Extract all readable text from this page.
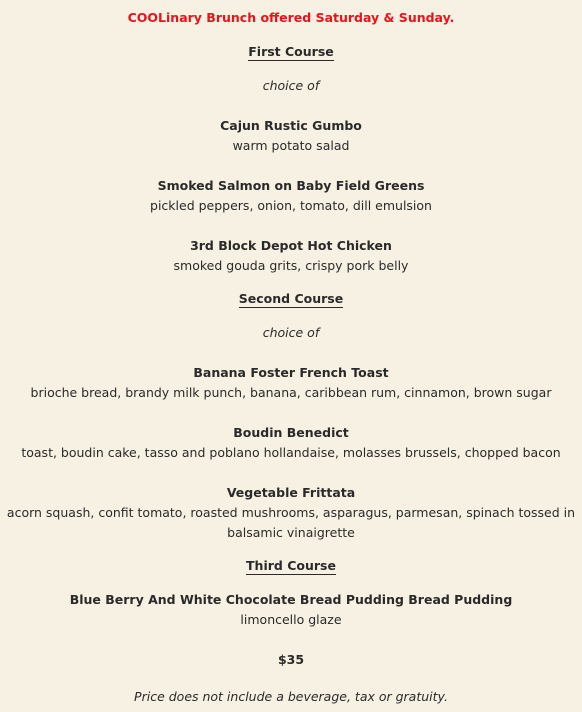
COOLinary Brunch offered Saturday & Sunday.
First Course
choice of
Cajun Rustic Gumbo
warm potato salad
Smoked Salmon on Baby Field Greens
pickled peppers, onion, tomato, dill emulsion
3rd Block Depot Hot Chicken
smoked gouda grits, crispy pork belly
Second Course
choice of
Banana Foster French Toast
brioche bread, brandy milk punch, banana, caribbean rum, cinnamon, brown sugar
Boudin Benedict
toast, boudin cake, tasso and poblano hollandaise, molasses brussels, chopped bacon
Vegetable Frittata
acorn squash, confit tomato, roasted mushrooms, asparagus, parmesan, spinach tossed in balsamic vinaigrette
Third Course
Blue Berry And White Chocolate Bread Pudding Bread Pudding
limoncello glaze
$35
Price does not include a beverage, tax or gratuity.
